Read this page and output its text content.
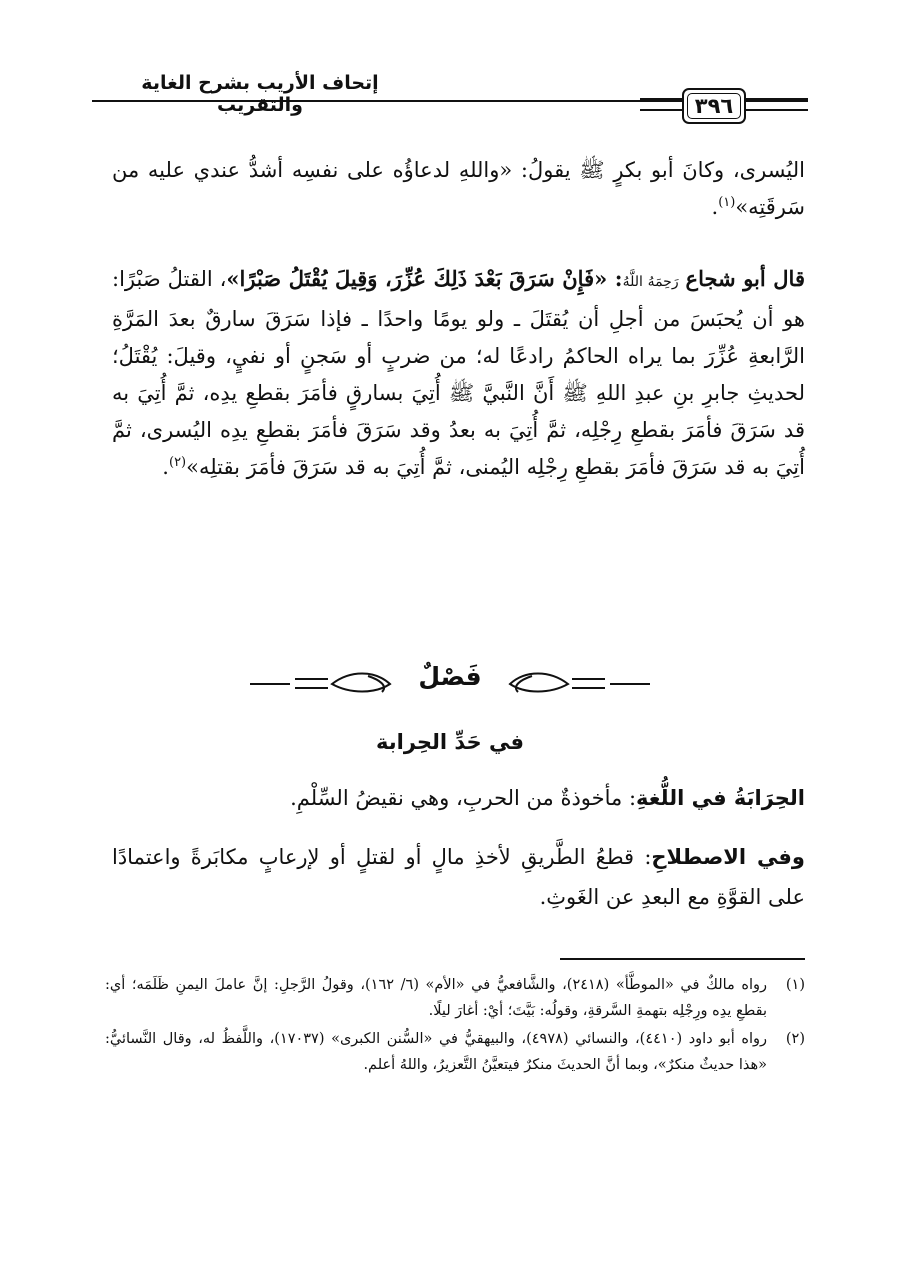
إتحاف الأريب بشرح الغاية والتقريب	٣٩٦
اليُسرى، وكانَ أبو بكرٍ ﷺ يقولُ: «واللهِ لدعاؤُه على نفسِه أشدُّ عندي عليه من سَرقَتِه»$^{(١)}$.
قال أبو شجاع رَحِمَهُ اللَّهُ: «فَإِنْ سَرَقَ بَعْدَ ذَلِكَ عُزِّرَ، وَقِيلَ يُقْتَلُ صَبْرًا»، القتلُ صَبْرًا: هو أن يُحبَسَ من أجلِ أن يُقتَلَ ـ ولو يومًا واحدًا ـ فإذا سَرَقَ سارقٌ بعدَ المَرَّةِ الرَّابعةِ عُزِّرَ بما يراه الحاكمُ رادعًا له؛ من ضربٍ أو سَجنٍ أو نفيٍ، وقيلَ: يُقْتَلُ؛ لحديثِ جابرِ بنِ عبدِ اللهِ ﷺ أَنَّ النَّبيَّ ﷺ أُتِيَ بسارقٍ فأمَرَ بقطعِ يدِه، ثمَّ أُتِيَ به قد سَرَقَ فأمَرَ بقطعِ رِجْلِه، ثمَّ أُتِيَ به بعدُ وقد سَرَقَ فأمَرَ بقطعِ يدِه اليُسرى، ثمَّ أُتِيَ به قد سَرَقَ فأمَرَ بقطعِ رِجْلِه اليُمنى، ثمَّ أُتِيَ به قد سَرَقَ فأمَرَ بقتلِه»$^{(٢)}$.
فَصْلٌ
في حَدِّ الحِرابة
الحِرَابَةُ في اللُّغةِ: مأخوذةٌ من الحربِ، وهي نقيضُ السِّلْمِ.
وفي الاصطلاحِ: قطعُ الطَّريقِ لأخذِ مالٍ أو لقتلٍ أو لإرعابٍ مكابَرةً واعتمادًا على القوَّةِ مع البعدِ عن الغَوثِ.
(١)
رواه مالكٌ في «الموطَّأ» (٢٤١٨)، والشَّافعيُّ في «الأم» (٦/ ١٦٢)، وقولُ الرَّجلِ: إنَّ عاملَ اليمنِ ظَلَمَه؛ أي: بقطعِ يدِه ورِجْلِه بتهمةِ السَّرقةِ، وقولُه: بَيَّتَ؛ أيْ: أغارَ ليلًا.
(٢)
رواه أبو داود (٤٤١٠)، والنسائي (٤٩٧٨)، والبيهقيُّ في «السُّنن الكبرى» (١٧٠٣٧)، واللَّفظُ له، وقال النَّسائيُّ: «هذا حديثٌ منكرٌ»، وبما أنَّ الحديثَ منكرٌ فيتعيَّنُ التَّعزيرُ، واللهُ أعلم.
